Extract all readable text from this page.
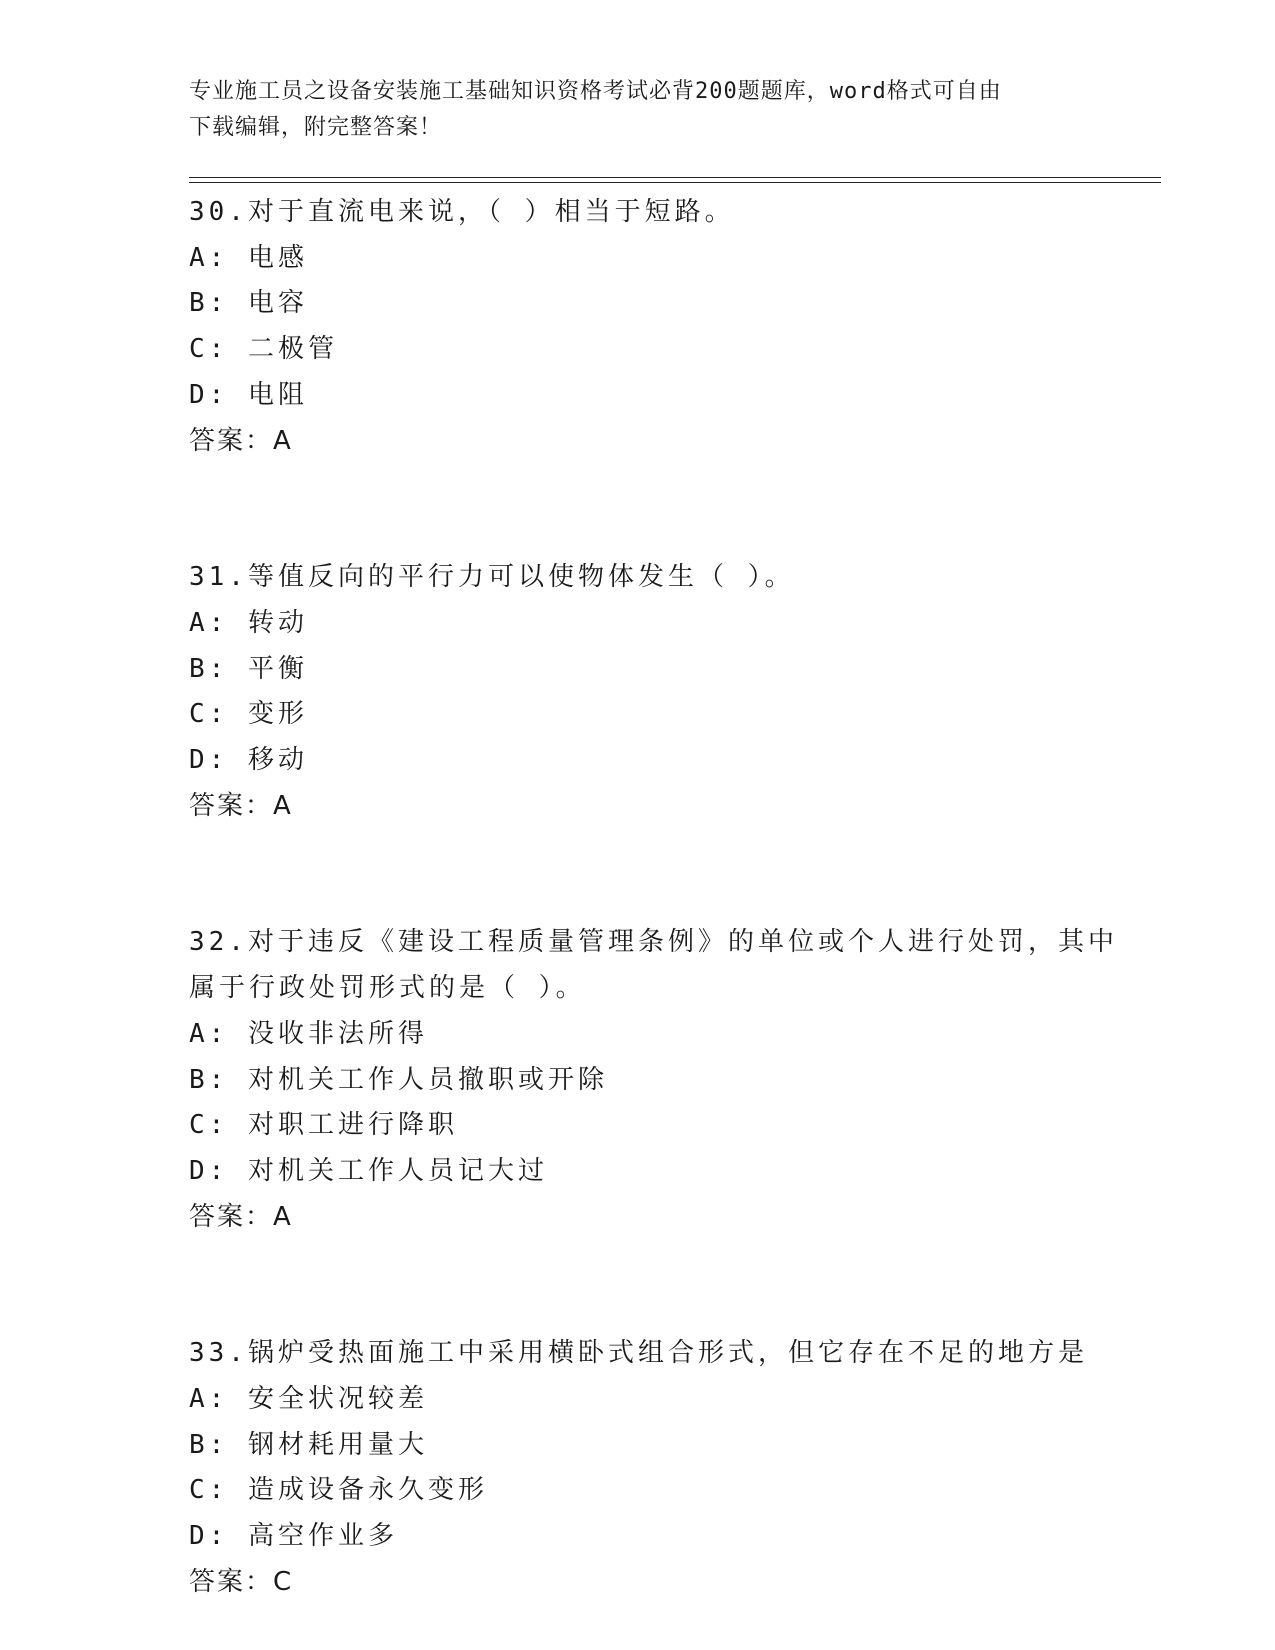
专业施工员之设备安装施工基础知识资格考试必背200题题库，word格式可自由
下载编辑，附完整答案！
30.对于直流电来说，（ ）相当于短路。
A: 电感
B: 电容
C: 二极管
D: 电阻
答案：A
31.等值反向的平行力可以使物体发生（ ）。
A: 转动
B: 平衡
C: 变形
D: 移动
答案：A
32.对于违反《建设工程质量管理条例》的单位或个人进行处罚，其中
属于行政处罚形式的是（ ）。
A: 没收非法所得
B: 对机关工作人员撤职或开除
C: 对职工进行降职
D: 对机关工作人员记大过
答案：A
33.锅炉受热面施工中采用横卧式组合形式，但它存在不足的地方是
A: 安全状况较差
B: 钢材耗用量大
C: 造成设备永久变形
D: 高空作业多
答案：C
